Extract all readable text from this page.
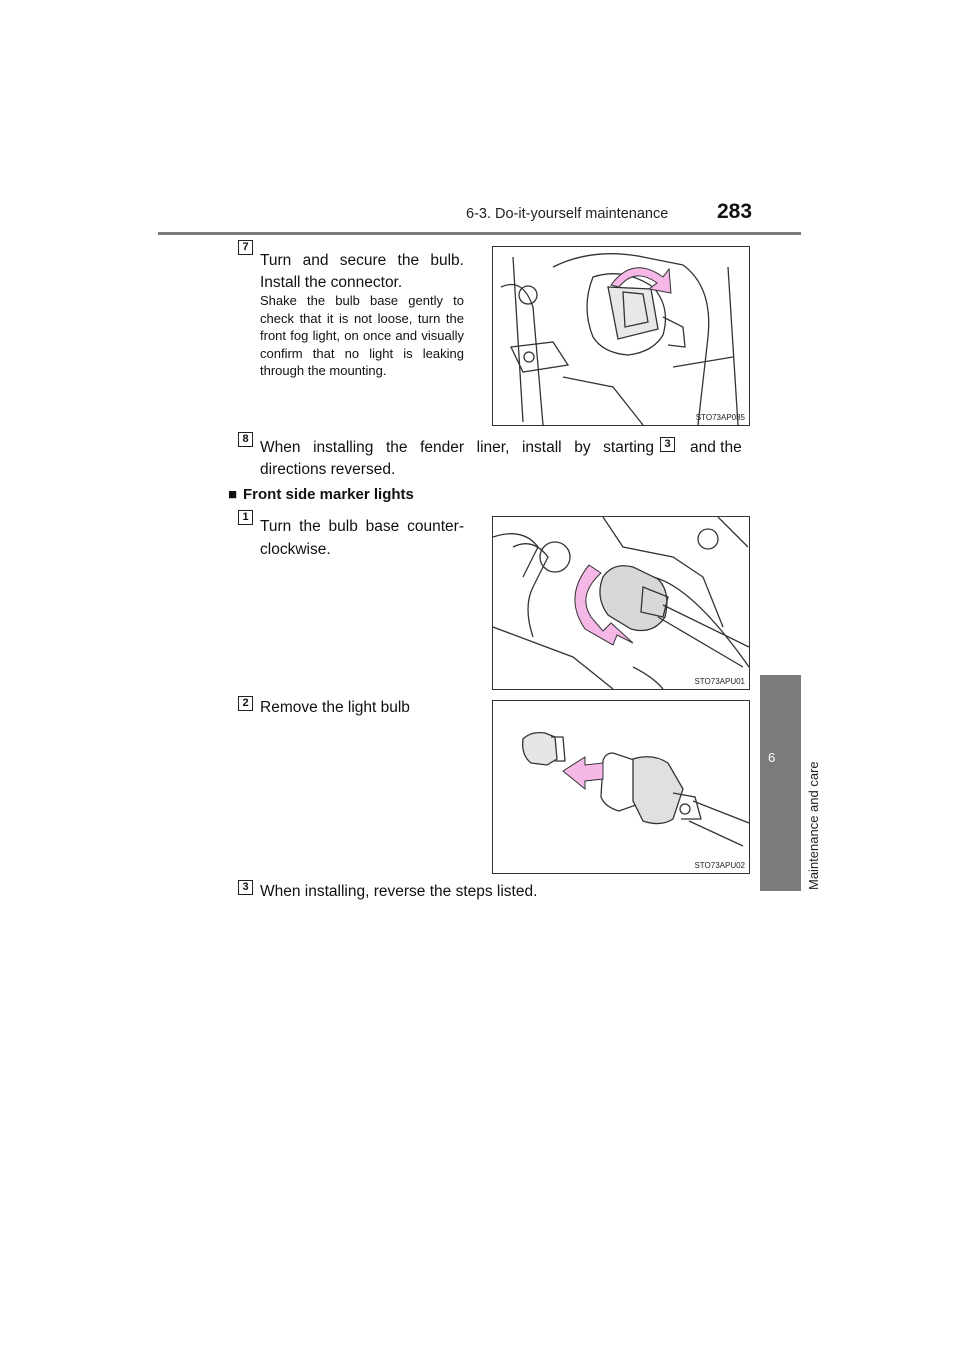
6-3. Do-it-yourself maintenance 283
6
Maintenance and care
7
Turn and secure the bulb.
Install the connector.
Shake the bulb base gently to check that it is not loose, turn the front fog light, on once and visually confirm that no light is leaking through the mounting.
STO73AP085
8 When installing the fender liner, install by starting 3 and the
directions reversed.
■ Front side marker lights
1
Turn the bulb base counter-
clockwise.
STO73APU01
2 Remove the light bulb
STO73APU02
3 When installing, reverse the steps listed.
